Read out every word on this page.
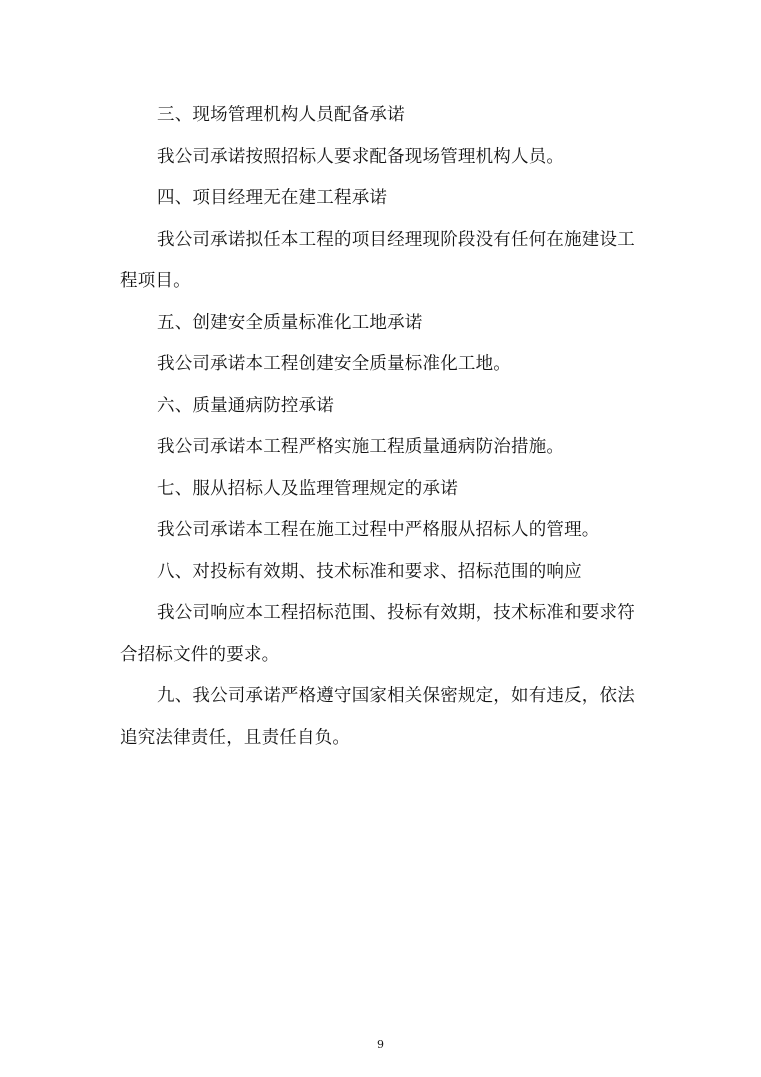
三、现场管理机构人员配备承诺

我公司承诺按照招标人要求配备现场管理机构人员。

四、项目经理无在建工程承诺

我公司承诺拟任本工程的项目经理现阶段没有任何在施建设工程项目。

五、创建安全质量标准化工地承诺

我公司承诺本工程创建安全质量标准化工地。

六、质量通病防控承诺

我公司承诺本工程严格实施工程质量通病防治措施。

七、服从招标人及监理管理规定的承诺

我公司承诺本工程在施工过程中严格服从招标人的管理。

八、对投标有效期、技术标准和要求、招标范围的响应

我公司响应本工程招标范围、投标有效期，技术标准和要求符合招标文件的要求。

九、我公司承诺严格遵守国家相关保密规定，如有违反，依法追究法律责任，且责任自负。

9
